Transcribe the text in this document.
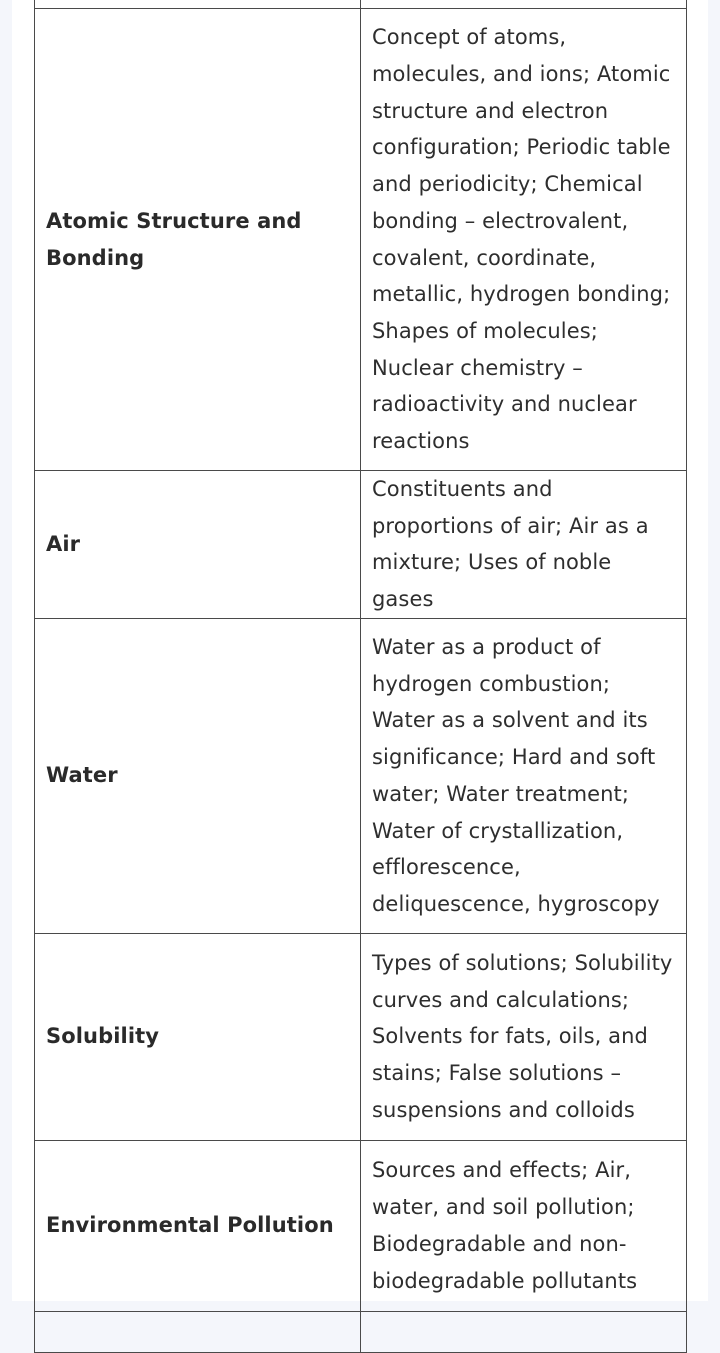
Atomic Structure and Bonding	Concept of atoms, molecules, and ions; Atomic structure and electron configuration; Periodic table and periodicity; Chemical bonding – electrovalent, covalent, coordinate, metallic, hydrogen bonding; Shapes of molecules; Nuclear chemistry – radioactivity and nuclear reactions
Air	Constituents and proportions of air; Air as a mixture; Uses of noble gases
Water	Water as a product of hydrogen combustion; Water as a solvent and its significance; Hard and soft water; Water treatment; Water of crystallization, efflorescence, deliquescence, hygroscopy
Solubility	Types of solutions; Solubility curves and calculations; Solvents for fats, oils, and stains; False solutions – suspensions and colloids
Environmental Pollution	Sources and effects; Air, water, and soil pollution; Biodegradable and non-biodegradable pollutants
